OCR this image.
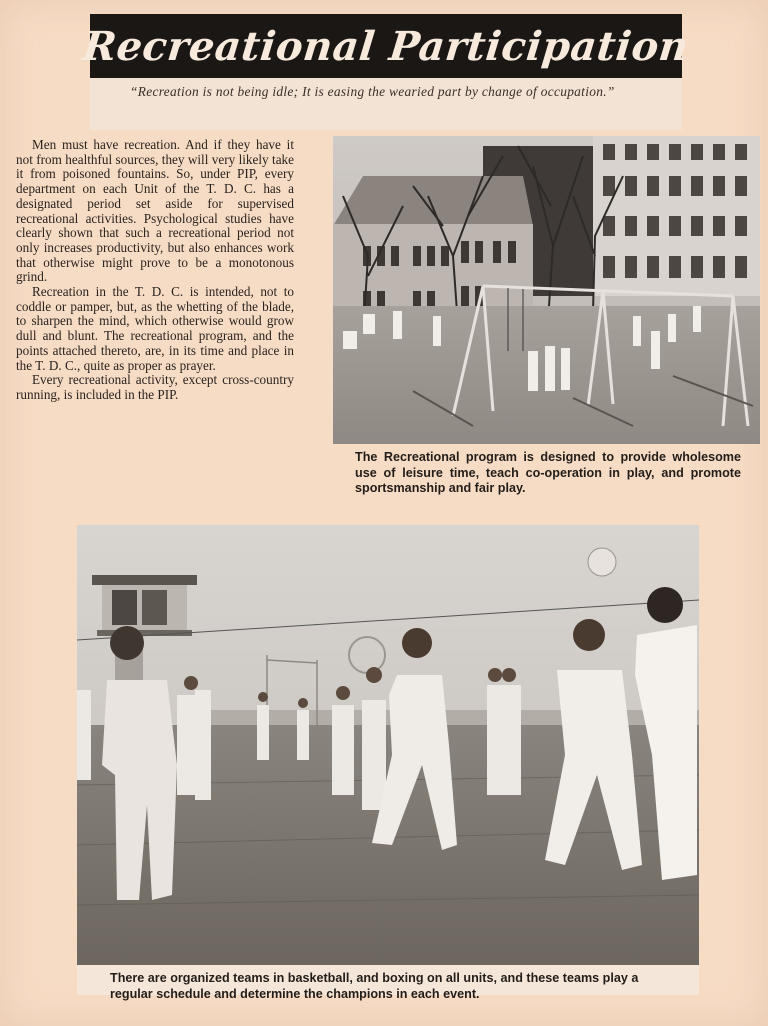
Recreational Participation
“Recreation is not being idle; It is easing the wearied part by change of occupation.”

Men must have recreation. And if they have it not from healthful sources, they will very likely take it from poisoned fountains. So, under PIP, every department on each Unit of the T. D. C. has a designated period set aside for supervised recreational activities. Psychological studies have clearly shown that such a recreational period not only increases productivity, but also enhances work that otherwise might prove to be a monotonous grind.

Recreation in the T. D. C. is intended, not to coddle or pamper, but, as the whetting of the blade, to sharpen the mind, which otherwise would grow dull and blunt. The recreational program, and the points attached thereto, are, in its time and place in the T. D. C., quite as proper as prayer.

Every recreational activity, except cross-country running, is included in the PIP.

The Recreational program is designed to provide wholesome use of leisure time, teach co-operation in play, and promote sportsmanship and fair play.
There are organized teams in basketball, and boxing on all units, and these teams play a regular schedule and determine the champions in each event.
